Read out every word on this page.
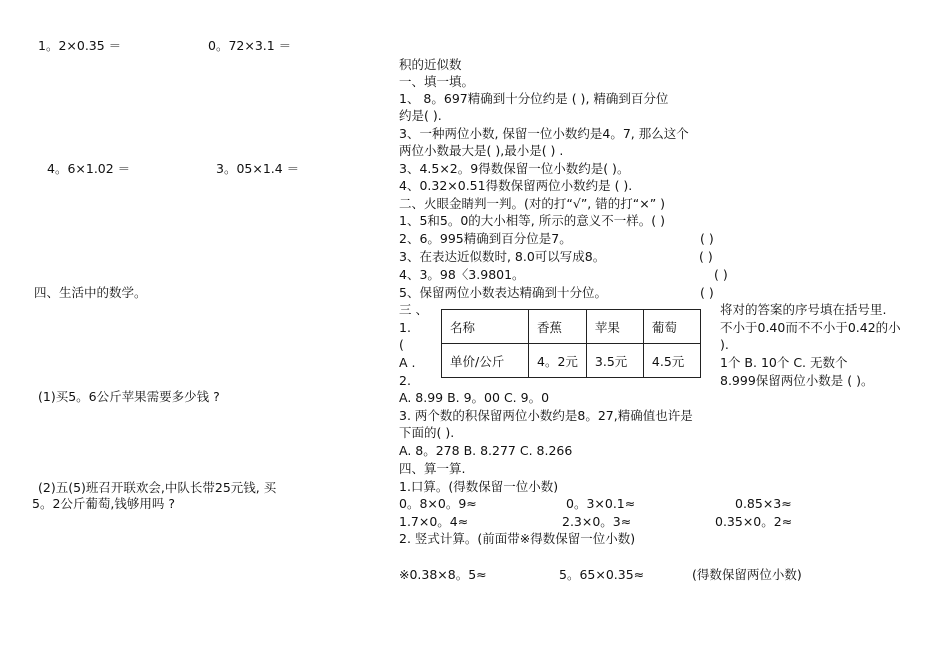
1。2×0.35 ＝	0。72×3.1 ＝
4。6×1.02 ＝	3。05×1.4 ＝
四、生活中的数学。
(1)买5。6公斤苹果需要多少钱 ?
(2)五(5)班召开联欢会,中队长带25元钱, 买
5。2公斤葡萄,钱够用吗 ?
积的近似数
一、填一填。
1、 8。697精确到十分位约是 ( ), 精确到百分位
约是( ).
3、一种两位小数, 保留一位小数约是4。7, 那么这个
两位小数最大是( ),最小是( ) .
3、4.5×2。9得数保留一位小数约是( )。
4、0.32×0.51得数保留两位小数约是 ( ).
二、火眼金睛判一判。(对的打“√”, 错的打“×” )
1、5和5。0的大小相等, 所示的意义不一样。( )
2、6。995精确到百分位是7。	( )
3、在表达近似数时, 8.0可以写成8。	( )
4、3。98〈3.9801。	( )
5、保留两位小数表达精确到十分位。	( )
三 、
1.
(
A .
2.
将对的答案的序号填在括号里.
不小于0.40而不不小于0.42的小
).
1个 B. 10个 C. 无数个
8.999保留两位小数是 ( )。
名称	香蕉	苹果	葡萄
单价/公斤	4。2元	3.5元	4.5元
A. 8.99 B. 9。00 C. 9。0
3. 两个数的积保留两位小数约是8。27,精确值也许是
下面的( ).
A. 8。278 B. 8.277 C. 8.266
四、算一算.
1.口算。(得数保留一位小数)
0。8×0。9≈	0。3×0.1≈	0.85×3≈
1.7×0。4≈	2.3×0。3≈	0.35×0。2≈
2. 竖式计算。(前面带※得数保留一位小数)
※0.38×8。5≈	5。65×0.35≈	(得数保留两位小数)
